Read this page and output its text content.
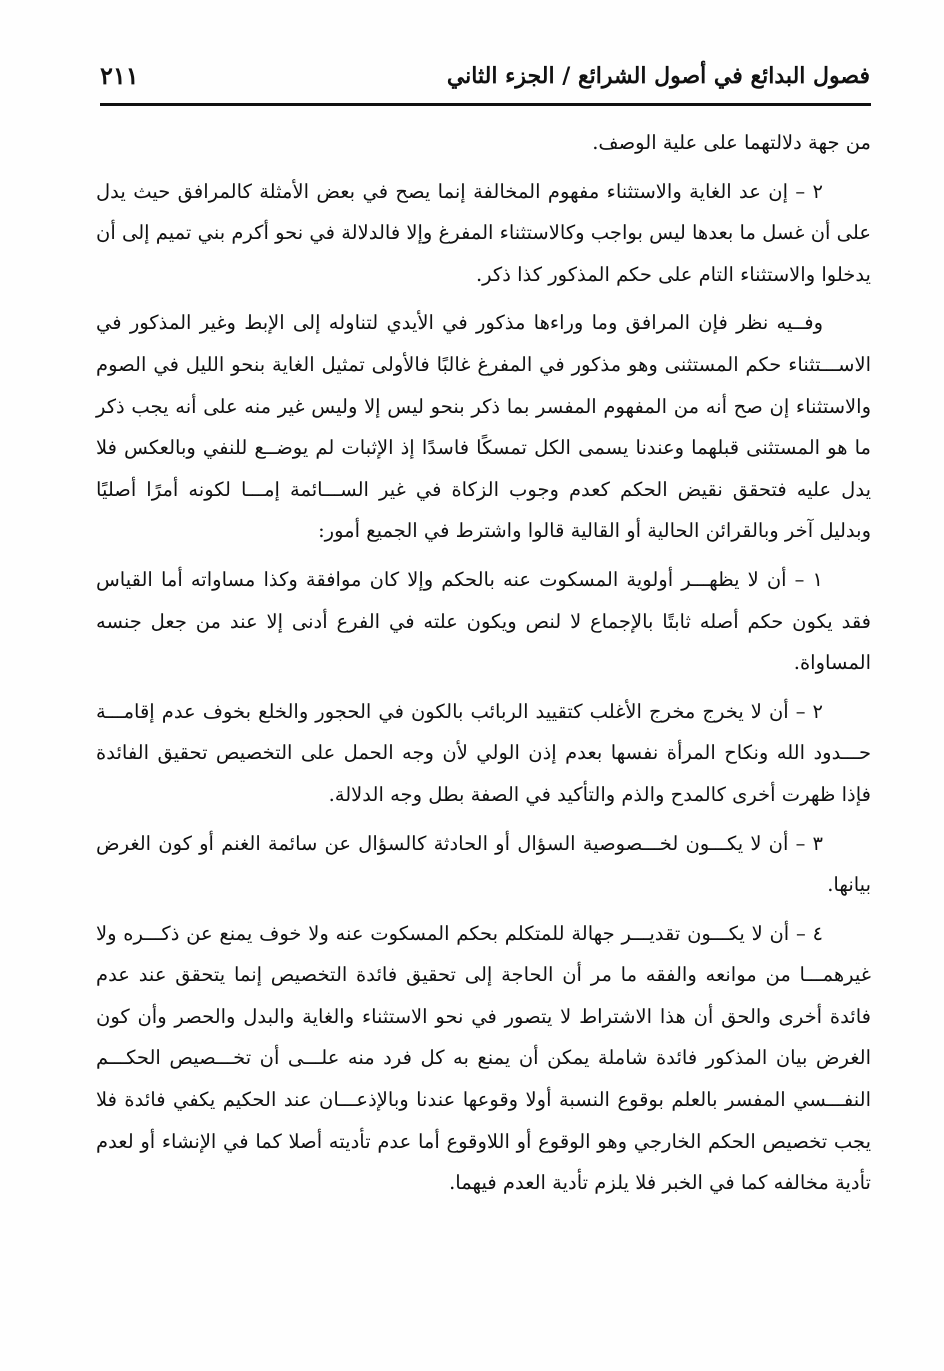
فصول البدائع في أصول الشرائع / الجزء الثاني
٢١١

من جهة دلالتهما على علية الوصف.

٢ – إن عد الغاية والاستثناء مفهوم المخالفة إنما يصح في بعض الأمثلة كالمرافق حيث يدل على أن غسل ما بعدها ليس بواجب وكالاستثناء المفرغ وإلا فالدلالة في نحو أكرم بني تميم إلى أن يدخلوا والاستثناء التام على حكم المذكور كذا ذكر.

وفــيه نظر فإن المرافق وما وراءها مذكور في الأيدي لتناوله إلى الإبط وغير المذكور في الاســـتثناء حكم المستثنى وهو مذكور في المفرغ غالبًا فالأولى تمثيل الغاية بنحو الليل في الصوم والاستثناء إن صح أنه من المفهوم المفسر بما ذكر بنحو ليس إلا وليس غير منه على أنه يجب ذكر ما هو المستثنى قبلهما وعندنا يسمى الكل تمسكًا فاسدًا إذ الإثبات لم يوضــع للنفي وبالعكس فلا يدل عليه فتحقق نقيض الحكم كعدم وجوب الزكاة في غير الســـائمة إمـــا لكونه أمرًا أصليًا وبدليل آخر وبالقرائن الحالية أو القالية قالوا واشترط في الجميع أمور:

١ – أن لا يظهـــر أولوية المسكوت عنه بالحكم وإلا كان موافقة وكذا مساواته أما القياس فقد يكون حكم أصله ثابتًا بالإجماع لا لنص ويكون علته في الفرع أدنى إلا عند من جعل جنسه المساواة.

٢ – أن لا يخرج مخرج الأغلب كتقييد الربائب بالكون في الحجور والخلع بخوف عدم إقامـــة حـــدود الله ونكاح المرأة نفسها بعدم إذن الولي لأن وجه الحمل على التخصيص تحقيق الفائدة فإذا ظهرت أخرى كالمدح والذم والتأكيد في الصفة بطل وجه الدلالة.

٣ – أن لا يكـــون لخـــصوصية السؤال أو الحادثة كالسؤال عن سائمة الغنم أو كون الغرض بيانها.

٤ – أن لا يكـــون تقديـــر جهالة للمتكلم بحكم المسكوت عنه ولا خوف يمنع عن ذكـــره ولا غيرهمـــا من موانعه والفقه ما مر أن الحاجة إلى تحقيق فائدة التخصيص إنما يتحقق عند عدم فائدة أخرى والحق أن هذا الاشتراط لا يتصور في نحو الاستثناء والغاية والبدل والحصر وأن كون الغرض بيان المذكور فائدة شاملة يمكن أن يمنع به كل فرد منه علـــى أن تخـــصيص الحكـــم النفـــسي المفسر بالعلم بوقوع النسبة أولا وقوعها عندنا وبالإذعـــان عند الحكيم يكفي فائدة فلا يجب تخصيص الحكم الخارجي وهو الوقوع أو اللاوقوع أما عدم تأديته أصلا كما في الإنشاء أو لعدم تأدية مخالفه كما في الخبر فلا يلزم تأدية العدم فيهما.
